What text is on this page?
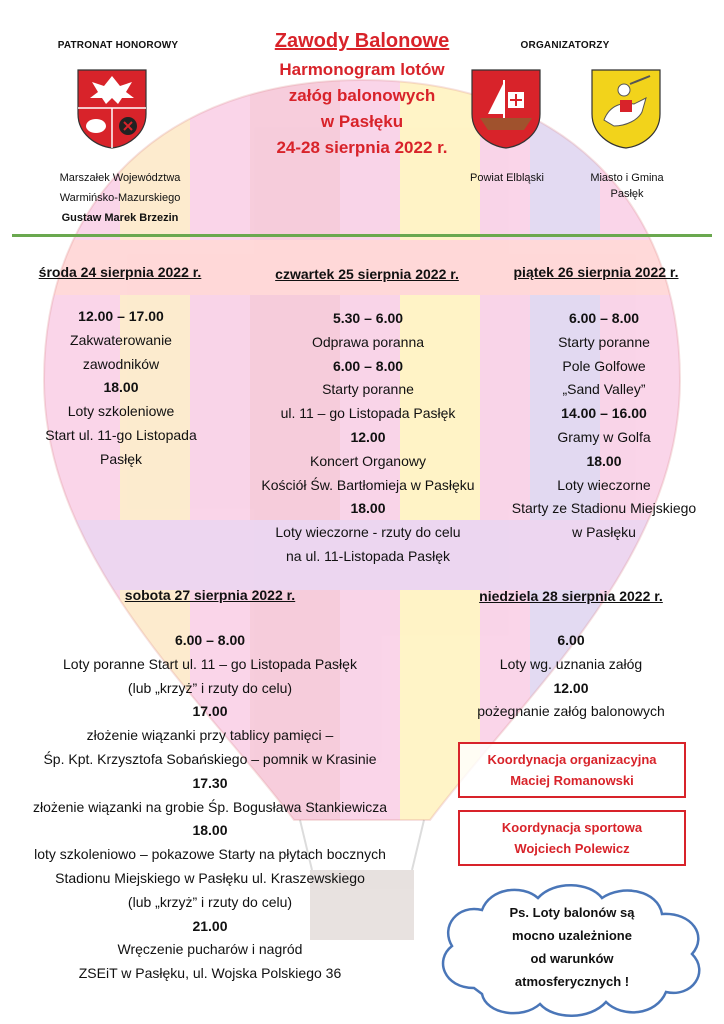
PATRONAT HONOROWY
Marszałek Województwa
Warmińsko-Mazurskiego
Gustaw Marek Brzezin
Zawody Balonowe
Harmonogram lotów
załóg balonowych
w Pasłęku
24-28 sierpnia 2022 r.
ORGANIZATORZY
Powiat Elbląski	Miasto i Gmina
Pasłęk
środa 24 sierpnia 2022 r.	czwartek 25 sierpnia 2022 r.	piątek 26 sierpnia 2022 r.
12.00 – 17.00
Zakwaterowanie
zawodników
18.00
Loty szkoleniowe
Start ul. 11-go Listopada
Pasłęk
5.30 – 6.00
Odprawa poranna
6.00 – 8.00
Starty poranne
ul. 11 – go Listopada Pasłęk
12.00
Koncert Organowy
Kościół Św. Bartłomieja w Pasłęku
18.00
Loty wieczorne - rzuty do celu
na ul. 11-Listopada Pasłęk
6.00 – 8.00
Starty poranne
Pole Golfowe
„Sand Valley”
14.00 – 16.00
Gramy w Golfa
18.00
Loty wieczorne
Starty ze Stadionu Miejskiego
w Pasłęku
sobota 27 sierpnia 2022 r.	niedziela 28 sierpnia 2022 r.
6.00 – 8.00
Loty poranne Start ul. 11 – go Listopada Pasłęk
(lub „krzyż” i rzuty do celu)
17.00
złożenie wiązanki przy tablicy pamięci –
Śp. Kpt. Krzysztofa Sobańskiego – pomnik w Krasinie
17.30
złożenie wiązanki na grobie Śp. Bogusława Stankiewicza
18.00
loty szkoleniowo – pokazowe Starty na płytach bocznych
Stadionu Miejskiego w Pasłęku ul. Kraszewskiego
(lub „krzyż” i rzuty do celu)
21.00
Wręczenie pucharów i nagród
ZSEiT w Pasłęku, ul. Wojska Polskiego 36
6.00
Loty wg. uznania załóg
12.00
pożegnanie załóg balonowych
Koordynacja organizacyjna
Maciej Romanowski
Koordynacja sportowa
Wojciech Polewicz
Ps. Loty balonów są
mocno uzależnione
od warunków
atmosferycznych !
